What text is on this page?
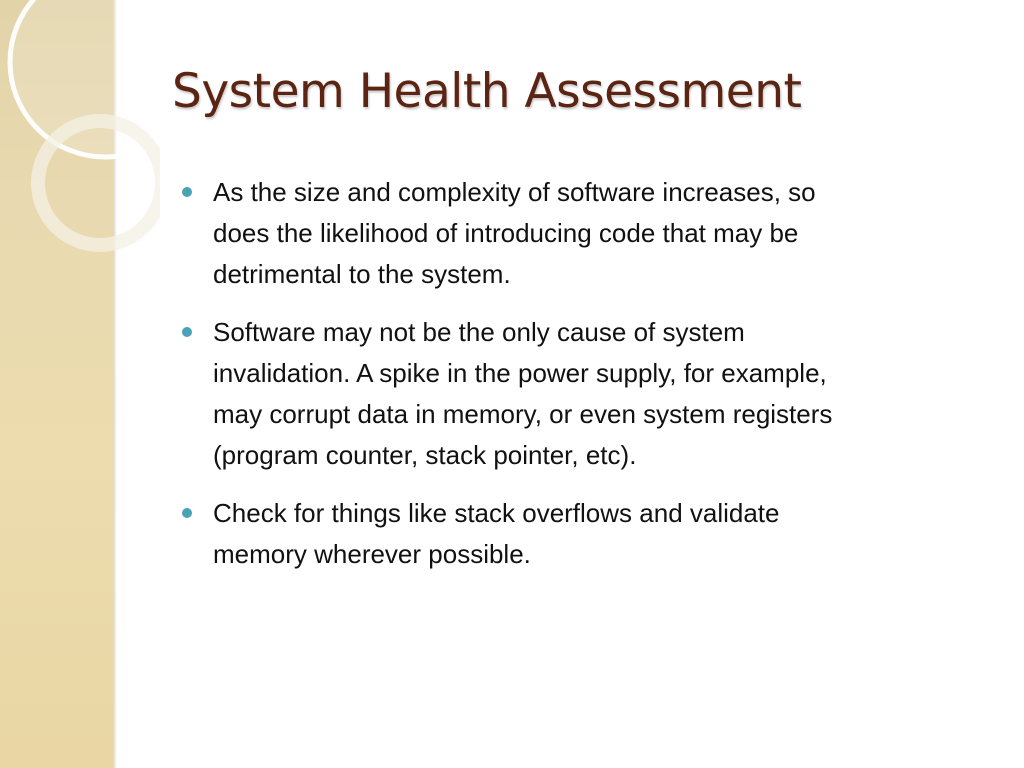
System Health Assessment
As the size and complexity of software increases, so
does the likelihood of introducing code that may be
detrimental to the system.
Software may not be the only cause of system
invalidation. A spike in the power supply, for example,
may corrupt data in memory, or even system registers
(program counter, stack pointer, etc).
Check for things like stack overflows and validate
memory wherever possible.
